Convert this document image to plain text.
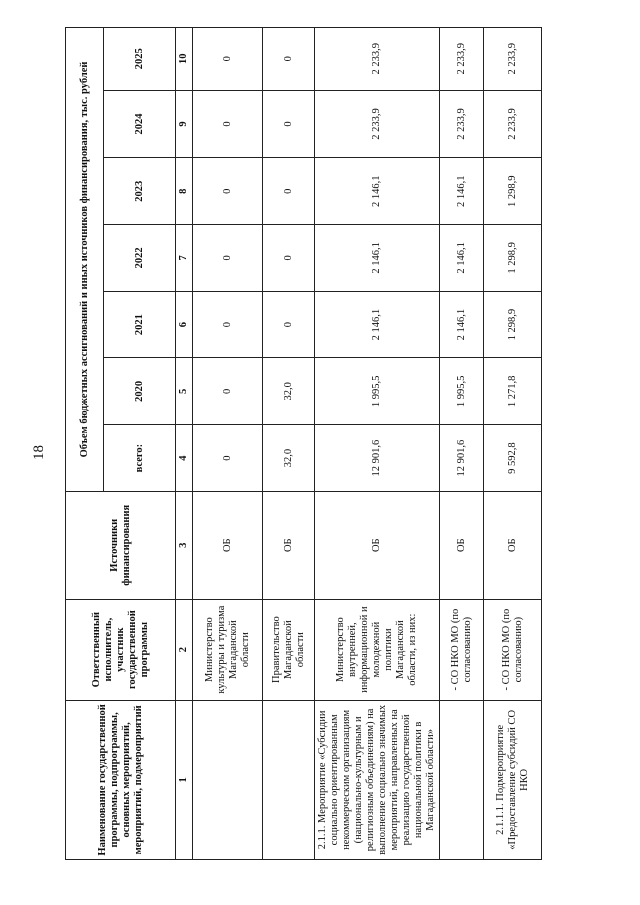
18
Наименование государственной программы, подпрограммы, основных мероприятий, мероприятий, подмероприятий	Ответственный исполнитель, участник государственной программы	Источники финансирования	Объем бюджетных ассигнований и иных источников финансирования, тыс. рублей						
			всего:	2020	2021	2022	2023	2024	2025
1	2	3	4	5	6	7	8	9	10
	Министерство культуры и туризма Магаданской области	ОБ	0	0	0	0	0	0	0
	Правительство Магаданской области	ОБ	32,0	32,0	0	0	0	0	0
2.1.1. Мероприятие «Субсидии социально ориентированным некоммерческим организациям (национально-культурным и религиозным объединениям) на выполнение социально значимых мероприятий, направленных на реализацию государственной национальной политики в Магаданской области»	Министерство внутренней, информационной и молодежной политики Магаданской области, из них:	ОБ	12 901,6	1 995,5	2 146,1	2 146,1	2 146,1	2 233,9	2 233,9
	- СО НКО МО (по согласованию)	ОБ	12 901,6	1 995,5	2 146,1	2 146,1	2 146,1	2 233,9	2 233,9
2.1.1.1. Подмероприятие «Предоставление субсидий СО НКО	- СО НКО МО (по согласованию)	ОБ	9 592,8	1 271,8	1 298,9	1 298,9	1 298,9	2 233,9	2 233,9
